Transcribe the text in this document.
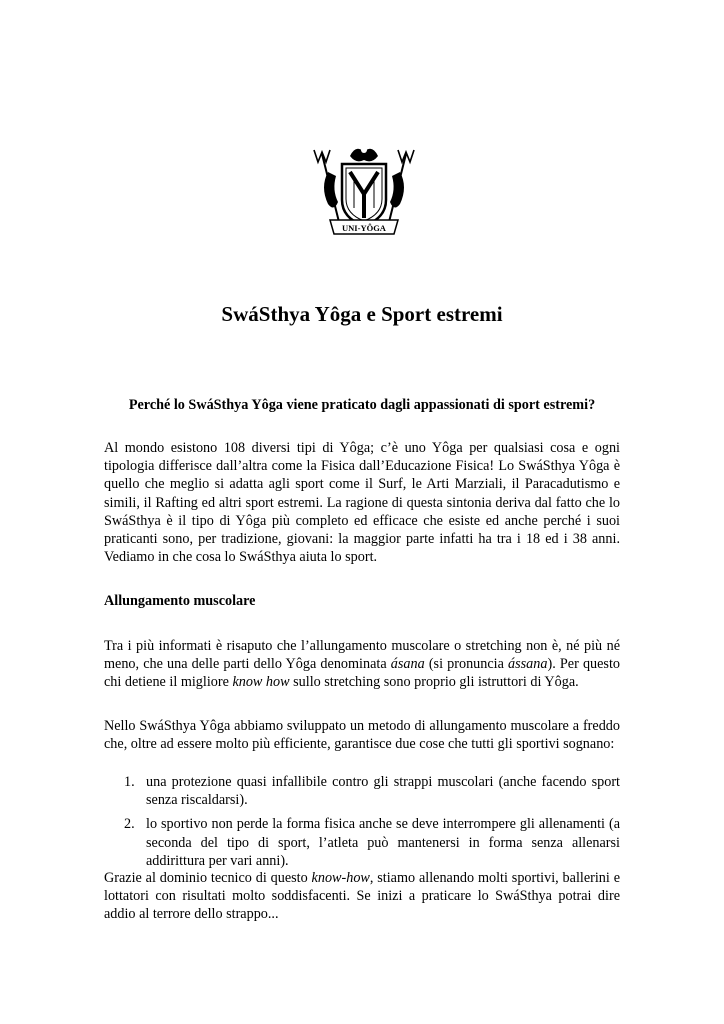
UNI-YÔGA
SwáSthya Yôga e Sport estremi

Perché lo SwáSthya Yôga viene praticato dagli appassionati di sport estremi?

Al mondo esistono 108 diversi tipi di Yôga; c’è uno Yôga per qualsiasi cosa e ogni tipologia differisce dall’altra come la Fisica dall’Educazione Fisica! Lo SwáSthya Yôga è quello che meglio si adatta agli sport come il Surf, le Arti Marziali, il Paracadutismo e simili, il Rafting ed altri sport estremi. La ragione di questa sintonia deriva dal fatto che lo SwáSthya è il tipo di Yôga più completo ed efficace che esiste ed anche perché i suoi praticanti sono, per tradizione, giovani: la maggior parte infatti ha tra i 18 ed i 38 anni. Vediamo in che cosa lo SwáSthya aiuta lo sport.

Allungamento muscolare

Tra i più informati è risaputo che l’allungamento muscolare o stretching non è, né più né meno, che una delle parti dello Yôga denominata ásana (si pronuncia ássana). Per questo chi detiene il migliore know how sullo stretching sono proprio gli istruttori di Yôga.

Nello SwáSthya Yôga abbiamo sviluppato un metodo di allungamento muscolare a freddo che, oltre ad essere molto più efficiente, garantisce due cose che tutti gli sportivi sognano:

1. una protezione quasi infallibile contro gli strappi muscolari (anche facendo sport senza riscaldarsi).
2. lo sportivo non perde la forma fisica anche se deve interrompere gli allenamenti (a seconda del tipo di sport, l’atleta può mantenersi in forma senza allenarsi addirittura per vari anni).

Grazie al dominio tecnico di questo know-how, stiamo allenando molti sportivi, ballerini e lottatori con risultati molto soddisfacenti. Se inizi a praticare lo SwáSthya potrai dire addio al terrore dello strappo...
